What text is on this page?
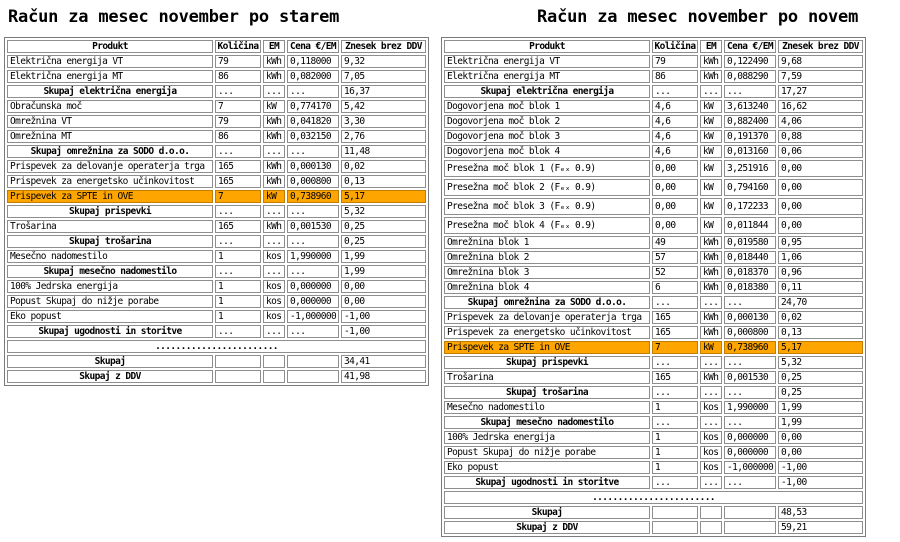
Račun za mesec november po starem
Produkt	Količina	EM	Cena €/EM	Znesek brez DDV
Električna energija VT	79	kWh	0,118000	9,32
Električna energija MT	86	kWh	0,082000	7,05
Skupaj električna energija	...	...	...	16,37
Obračunska moč	7	kW	0,774170	5,42
Omrežnina VT	79	kWh	0,041820	3,30
Omrežnina MT	86	kWh	0,032150	2,76
Skupaj omrežnina za SODO d.o.o.	...	...	...	11,48
Prispevek za delovanje operaterja trga	165	kWh	0,000130	0,02
Prispevek za energetsko učinkovitost	165	kWh	0,000800	0,13
Prispevek za SPTE in OVE	7	kW	0,738960	5,17
Skupaj prispevki	...	...	...	5,32
Trošarina	165	kWh	0,001530	0,25
Skupaj trošarina	...	...	...	0,25
Mesečno nadomestilo	1	kos	1,990000	1,99
Skupaj mesečno nadomestilo	...	...	...	1,99
100% Jedrska energija	1	kos	0,000000	0,00
Popust Skupaj do nižje porabe	1	kos	0,000000	0,00
Eko popust	1	kos	-1,000000	-1,00
Skupaj ugodnosti in storitve	...	...	...	-1,00
........................				
Skupaj				34,41
Skupaj z DDV				41,98
Račun za mesec november po novem
Produkt	Količina	EM	Cena €/EM	Znesek brez DDV
Električna energija VT	79	kWh	0,122490	9,68
Električna energija MT	86	kWh	0,088290	7,59
Skupaj električna energija	...	...	...	17,27
Dogovorjena moč blok 1	4,6	kW	3,613240	16,62
Dogovorjena moč blok 2	4,6	kW	0,882400	4,06
Dogovorjena moč blok 3	4,6	kW	0,191370	0,88
Dogovorjena moč blok 4	4,6	kW	0,013160	0,06
Presežna moč blok 1 (Fₑₓ 0.9)	0,00	kW	3,251916	0,00
Presežna moč blok 2 (Fₑₓ 0.9)	0,00	kW	0,794160	0,00
Presežna moč blok 3 (Fₑₓ 0.9)	0,00	kW	0,172233	0,00
Presežna moč blok 4 (Fₑₓ 0.9)	0,00	kW	0,011844	0,00
Omrežnina blok 1	49	kWh	0,019580	0,95
Omrežnina blok 2	57	kWh	0,018440	1,06
Omrežnina blok 3	52	kWh	0,018370	0,96
Omrežnina blok 4	6	kWh	0,018380	0,11
Skupaj omrežnina za SODO d.o.o.	...	...	...	24,70
Prispevek za delovanje operaterja trga	165	kWh	0,000130	0,02
Prispevek za energetsko učinkovitost	165	kWh	0,000800	0,13
Prispevek za SPTE in OVE	7	kW	0,738960	5,17
Skupaj prispevki	...	...	...	5,32
Trošarina	165	kWh	0,001530	0,25
Skupaj trošarina	...	...	...	0,25
Mesečno nadomestilo	1	kos	1,990000	1,99
Skupaj mesečno nadomestilo	...	...	...	1,99
100% Jedrska energija	1	kos	0,000000	0,00
Popust Skupaj do nižje porabe	1	kos	0,000000	0,00
Eko popust	1	kos	-1,000000	-1,00
Skupaj ugodnosti in storitve	...	...	...	-1,00
........................				
Skupaj				48,53
Skupaj z DDV				59,21
